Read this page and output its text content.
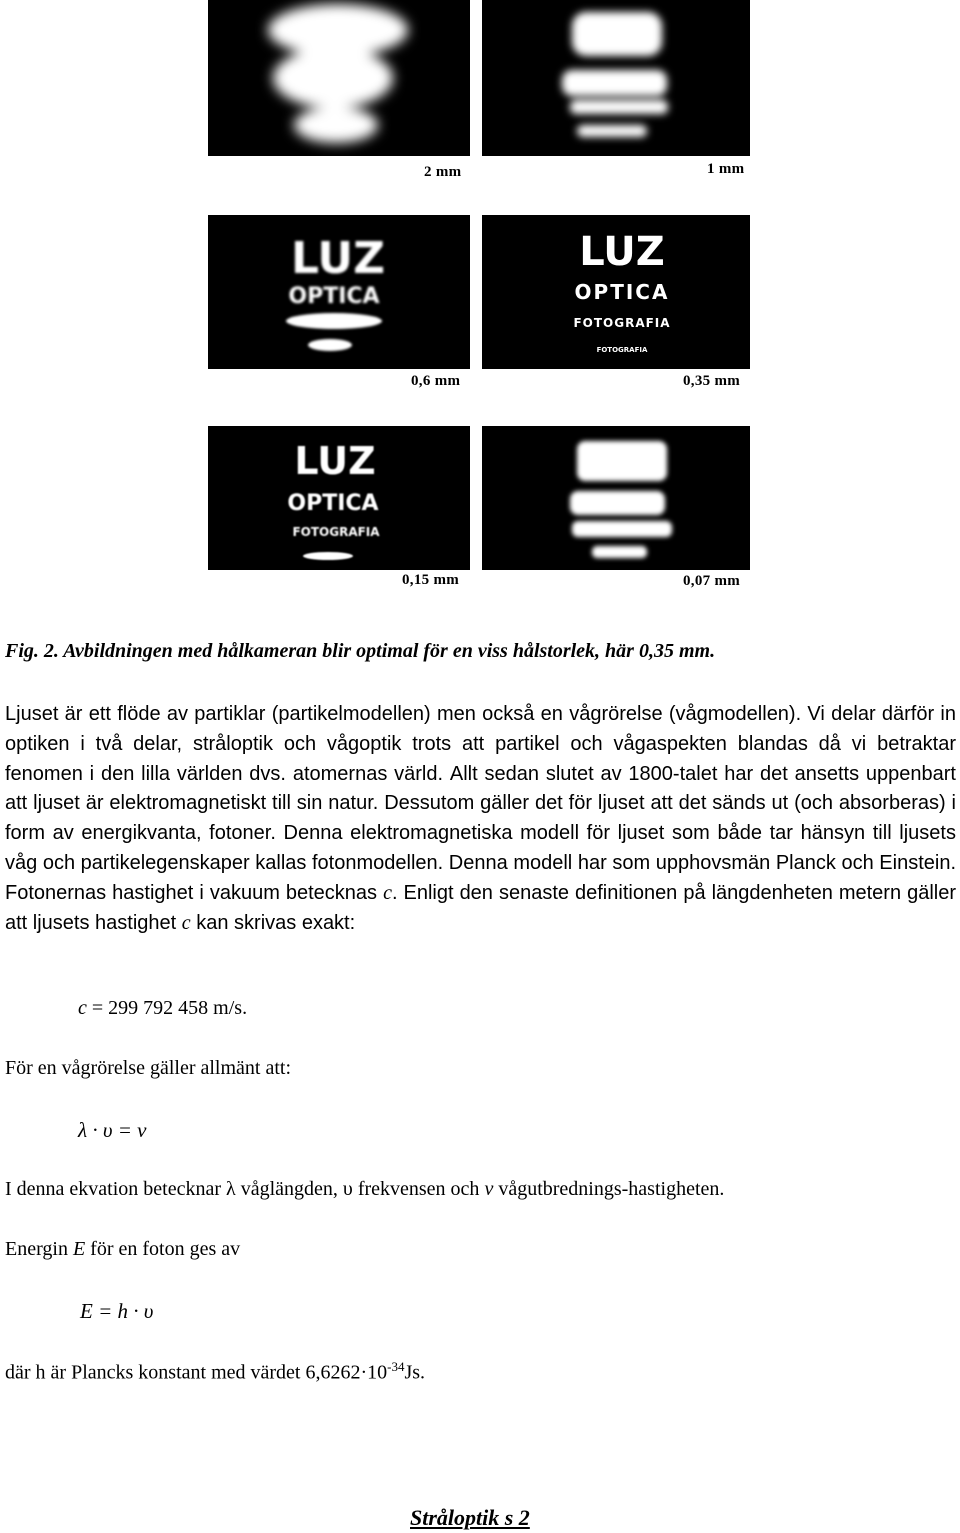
2 mm	1 mm
LUZ
OPTICA
LUZ
OPTICA
FOTOGRAFIA
FOTOGRAFIA
0,6 mm	0,35 mm
LUZ
OPTICA
FOTOGRAFIA
0,15 mm	0,07 mm
Fig. 2. Avbildningen med hålkameran blir optimal för en viss hålstorlek, här 0,35 mm.
Ljuset är ett flöde av partiklar (partikelmodellen) men också en vågrörelse (vågmodellen). Vi delar därför in optiken i två delar, stråloptik och vågoptik trots att partikel och vågaspekten blandas då vi betraktar fenomen i den lilla världen dvs. atomernas värld. Allt sedan slutet av 1800-talet har det ansetts uppenbart att ljuset är elektromagnetiskt till sin natur. Dessutom gäller det för ljuset att det sänds ut (och absorberas) i form av energikvanta, fotoner. Denna elektromagnetiska modell för ljuset som både tar hänsyn till ljusets våg och partikelegenskaper kallas fotonmodellen. Denna modell har som upphovsmän Planck och Einstein. Fotonernas hastighet i vakuum betecknas c. Enligt den senaste definitionen på längdenheten metern gäller att ljusets hastighet c kan skrivas exakt:
c = 299 792 458 m/s.
För en vågrörelse gäller allmänt att:
λ · υ = v
I denna ekvation betecknar λ våglängden, υ frekvensen och v vågutbrednings-hastigheten.
Energin E för en foton ges av
E = h · υ
där h är Plancks konstant med värdet $6,6262\cdot 10^{-34}Js$.
Stråloptik s 2
